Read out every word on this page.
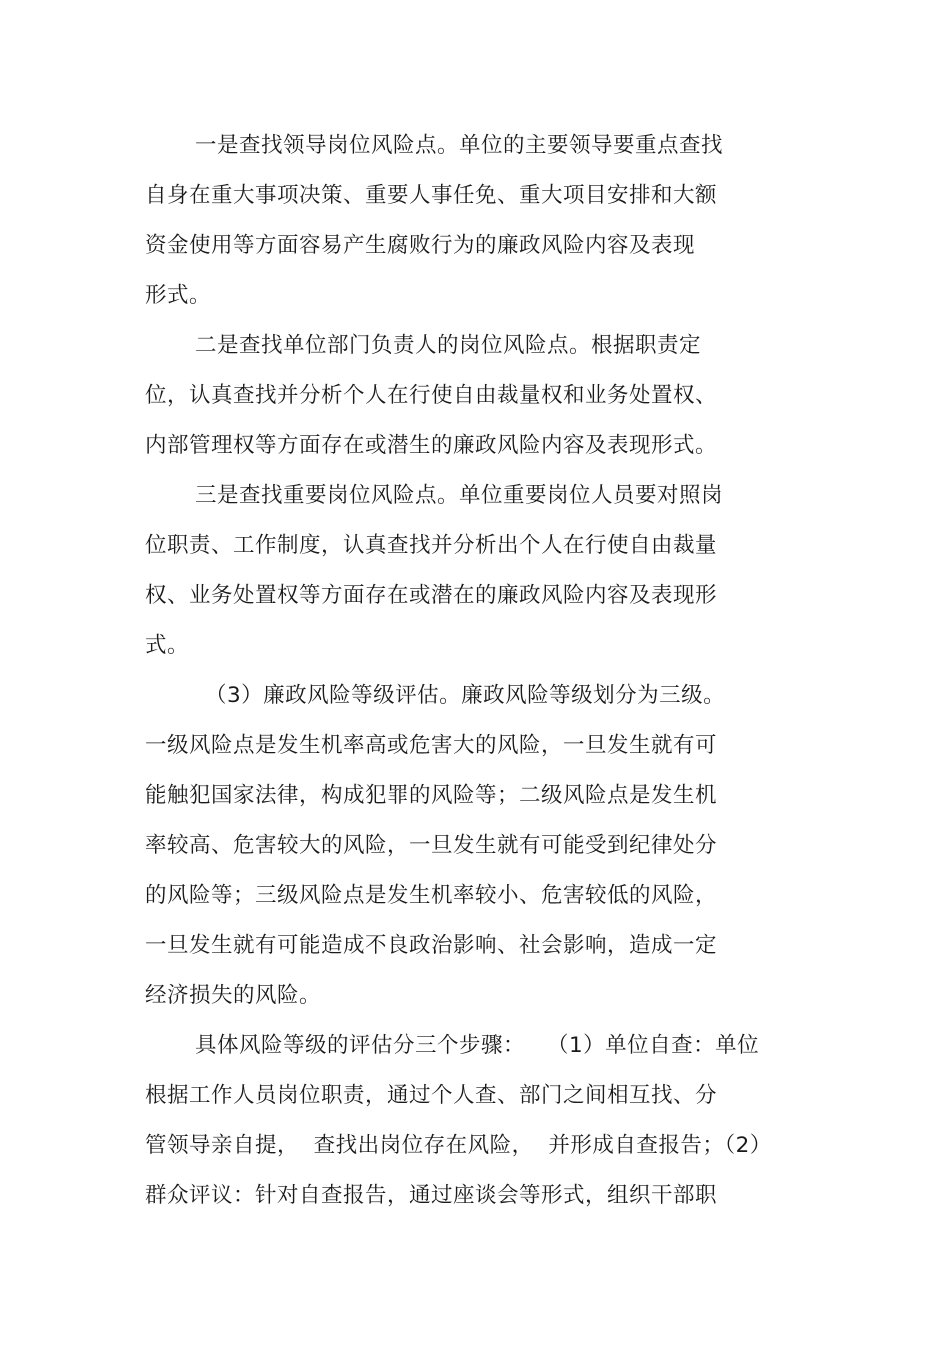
一是查找领导岗位风险点。单位的主要领导要重点查找
自身在重大事项决策、重要人事任免、重大项目安排和大额
资金使用等方面容易产生腐败行为的廉政风险内容及表现
形式。
二是查找单位部门负责人的岗位风险点。根据职责定
位，认真查找并分析个人在行使自由裁量权和业务处置权、
内部管理权等方面存在或潜生的廉政风险内容及表现形式。
三是查找重要岗位风险点。单位重要岗位人员要对照岗
位职责、工作制度，认真查找并分析出个人在行使自由裁量
权、业务处置权等方面存在或潜在的廉政风险内容及表现形
式。
（3）廉政风险等级评估。廉政风险等级划分为三级。
一级风险点是发生机率高或危害大的风险，一旦发生就有可
能触犯国家法律，构成犯罪的风险等；二级风险点是发生机
率较高、危害较大的风险，一旦发生就有可能受到纪律处分
的风险等；三级风险点是发生机率较小、危害较低的风险，
一旦发生就有可能造成不良政治影响、社会影响，造成一定
经济损失的风险。
具体风险等级的评估分三个步骤：   （1）单位自查：单位
根据工作人员岗位职责，通过个人查、部门之间相互找、分
管领导亲自提，  查找出岗位存在风险，  并形成自查报告；（2）
群众评议：针对自查报告，通过座谈会等形式，组织干部职
